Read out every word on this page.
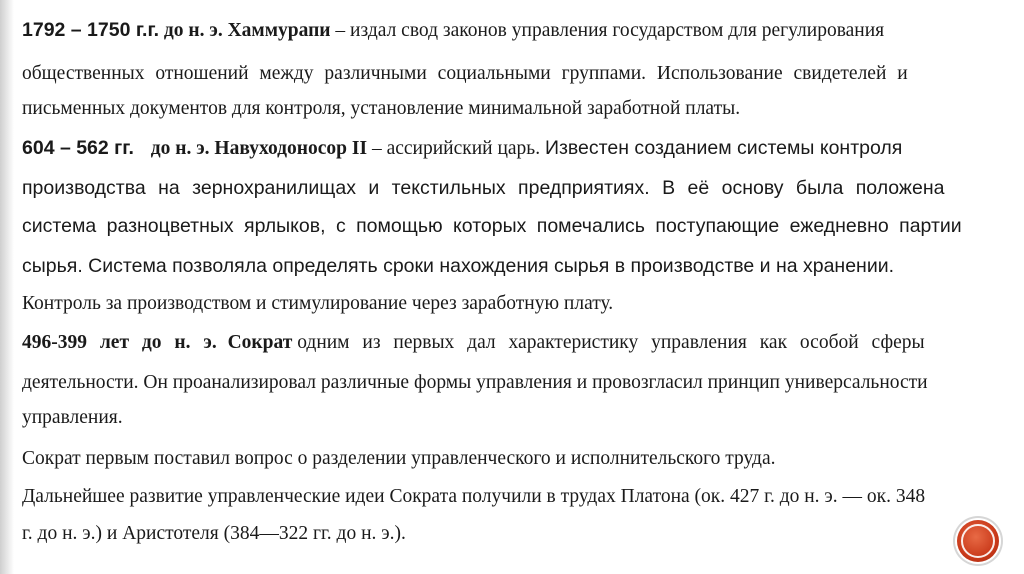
1792 – 1750 г.г. до н. э. Хаммурапи – издал свод законов управления государством для регулирования
общественных отношений между различными социальными группами. Использование свидетелей и
письменных документов для контроля, установление минимальной заработной платы.
604 – 562 гг. до н. э. Навуходоносор II – ассирийский царь. Известен созданием системы контроля
производства на зернохранилищах и текстильных предприятиях. В её основу была положена
система разноцветных ярлыков, с помощью которых помечались поступающие ежедневно партии
сырья. Система позволяла определять сроки нахождения сырья в производстве и на хранении.
Контроль за производством и стимулирование через заработную плату.
496-399 лет до н. э. Сократ одним из первых дал характеристику управления как особой сферы
деятельности. Он проанализировал различные формы управления и провозгласил принцип универсальности
управления.
Сократ первым поставил вопрос о разделении управленческого и исполнительского труда.
Дальнейшее развитие управленческие идеи Сократа получили в трудах Платона (ок. 427 г. до н. э. — ок. 348
г. до н. э.) и Аристотеля (384—322 гг. до н. э.).
